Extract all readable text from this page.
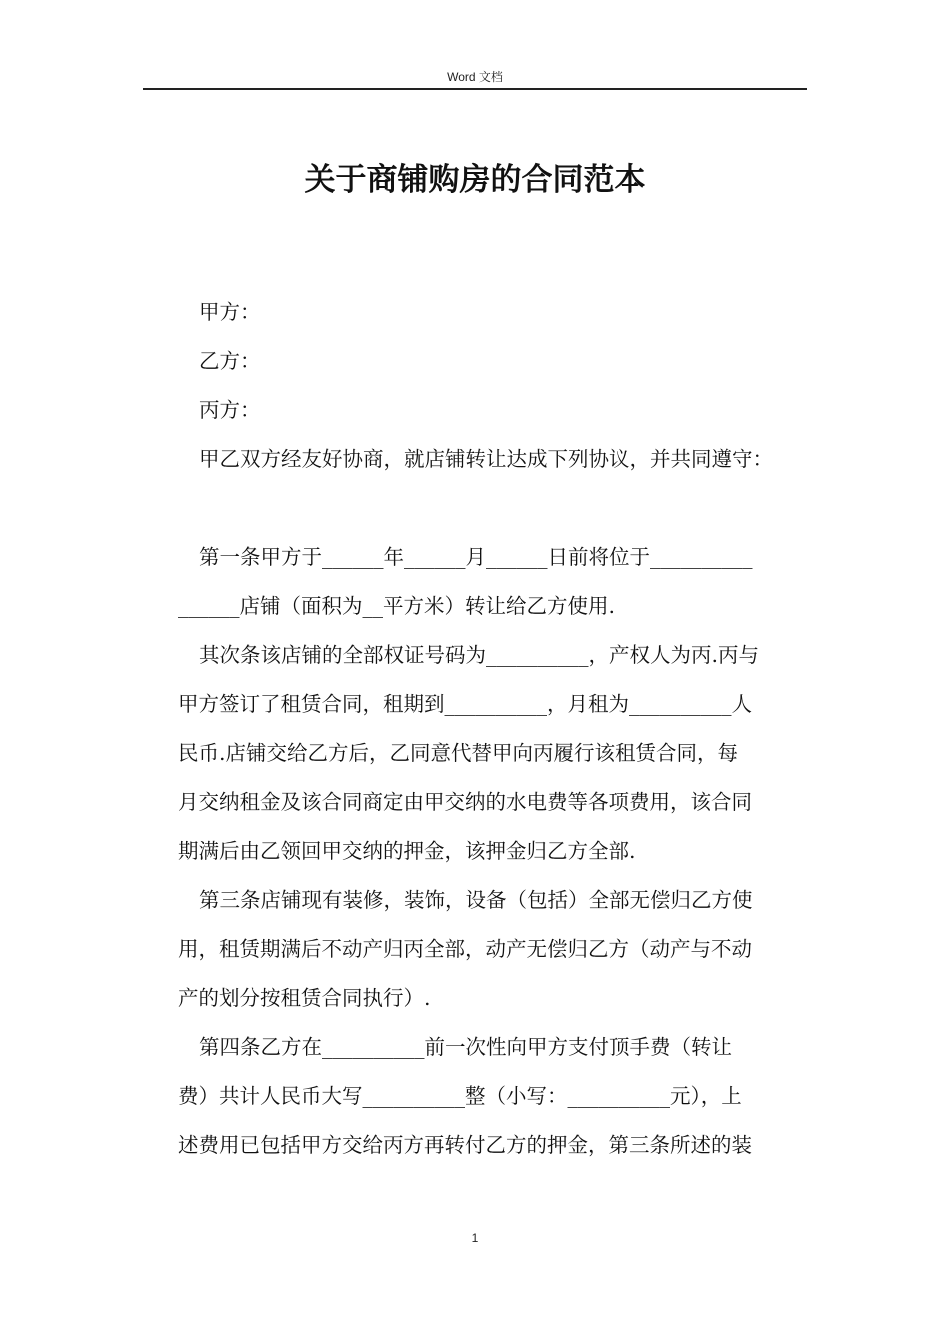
Word 文档
关于商铺购房的合同范本
甲方：
乙方：
丙方：
甲乙双方经友好协商，就店铺转让达成下列协议，并共同遵守：
第一条甲方于______年______月______日前将位于__________
______店铺（面积为__平方米）转让给乙方使用.
其次条该店铺的全部权证号码为__________，产权人为丙.丙与
甲方签订了租赁合同，租期到__________，月租为__________人
民币.店铺交给乙方后，乙同意代替甲向丙履行该租赁合同，每
月交纳租金及该合同商定由甲交纳的水电费等各项费用，该合同
期满后由乙领回甲交纳的押金，该押金归乙方全部.
第三条店铺现有装修，装饰，设备（包括）全部无偿归乙方使
用，租赁期满后不动产归丙全部，动产无偿归乙方（动产与不动
产的划分按租赁合同执行）.
第四条乙方在__________前一次性向甲方支付顶手费（转让
费）共计人民币大写__________整（小写：__________元），上
述费用已包括甲方交给丙方再转付乙方的押金，第三条所述的装
1
